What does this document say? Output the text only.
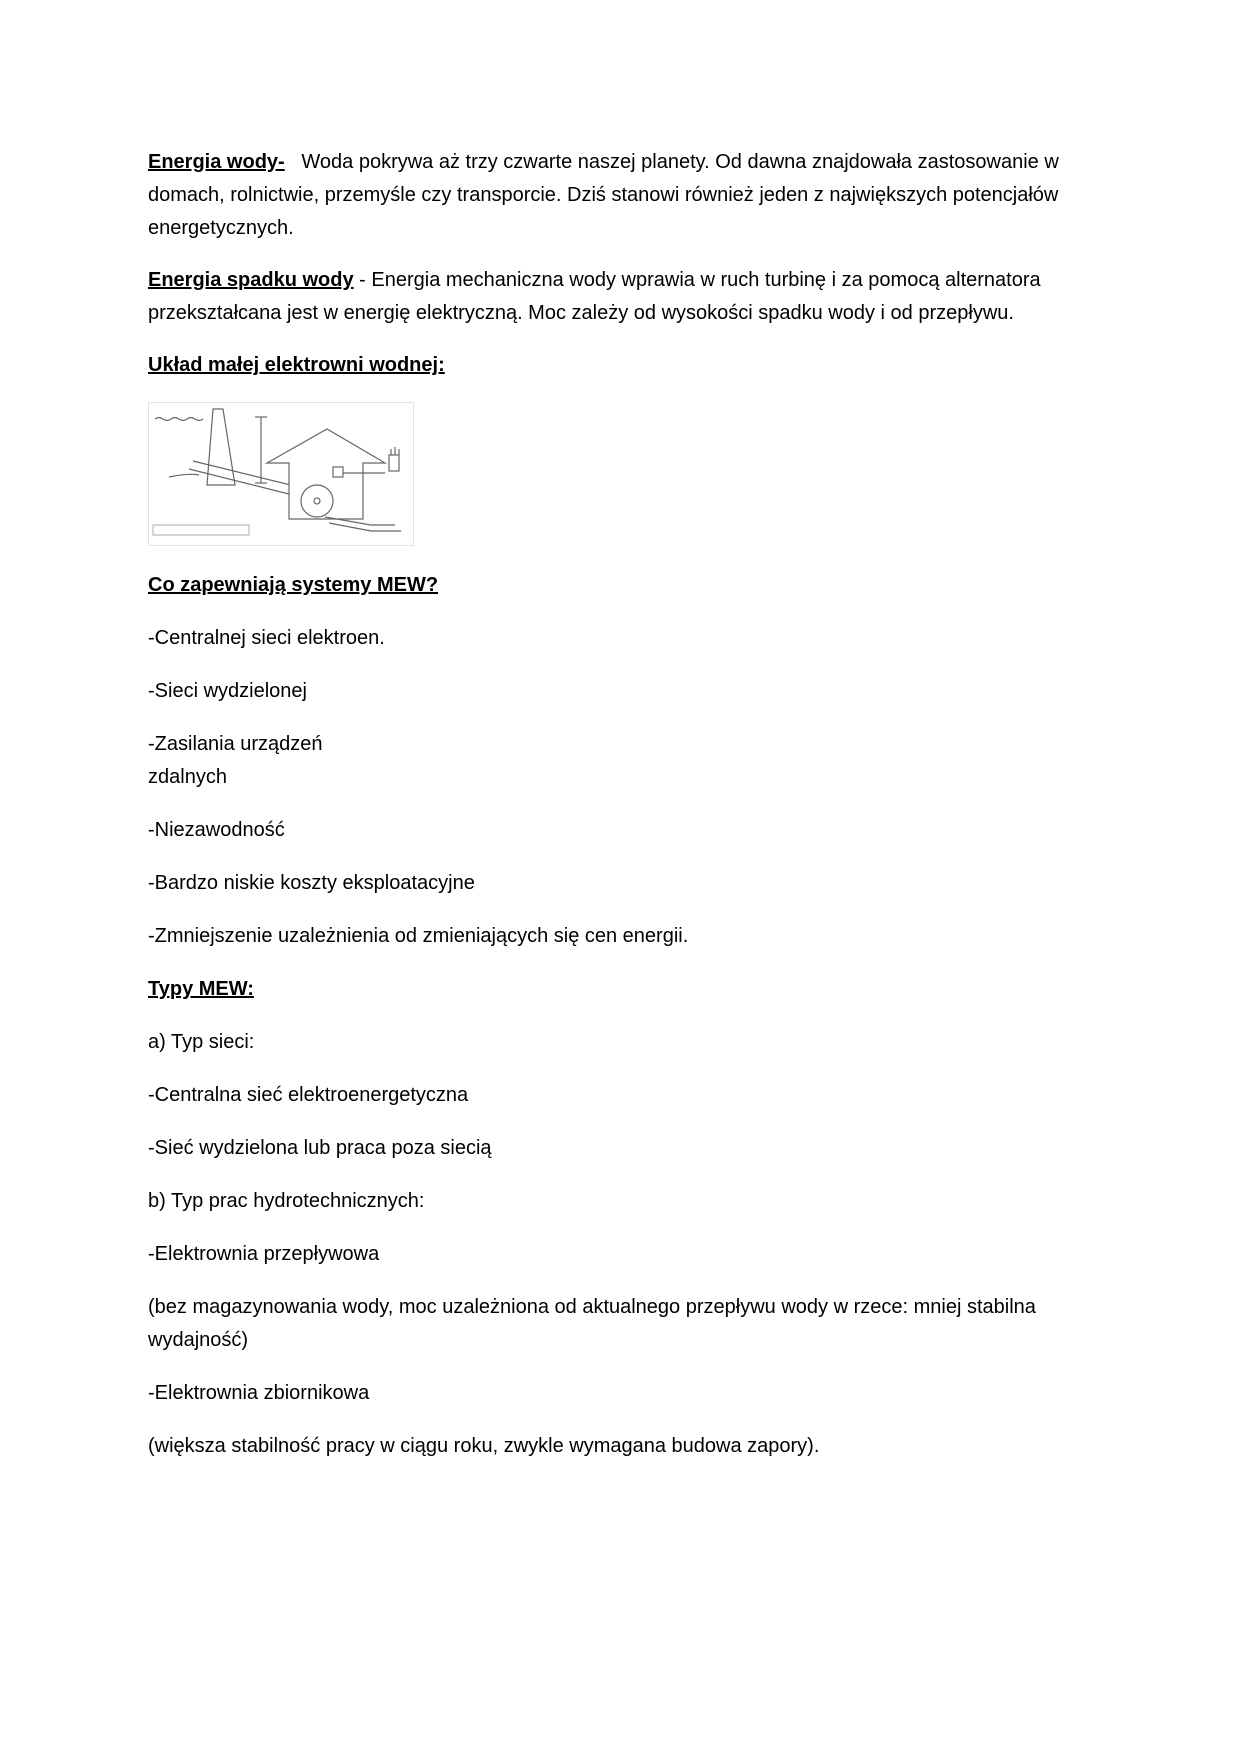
Energia wody- Woda pokrywa aż trzy czwarte naszej planety. Od dawna znajdowała zastosowanie w domach, rolnictwie, przemyśle czy transporcie. Dziś stanowi również jeden z największych potencjałów energetycznych.

Energia spadku wody - Energia mechaniczna wody wprawia w ruch turbinę i za pomocą alternatora przekształcana jest w energię elektryczną. Moc zależy od wysokości spadku wody i od przepływu.

Układ małej elektrowni wodnej:

Co zapewniają systemy MEW?

-Centralnej sieci elektroen.

-Sieci wydzielonej

-Zasilania urządzeń

zdalnych

-Niezawodność

-Bardzo niskie koszty eksploatacyjne

-Zmniejszenie uzależnienia od zmieniających się cen energii.

Typy MEW:

a) Typ sieci:

-Centralna sieć elektroenergetyczna

-Sieć wydzielona lub praca poza siecią

b) Typ prac hydrotechnicznych:

-Elektrownia przepływowa

(bez magazynowania wody, moc uzależniona od aktualnego przepływu wody w rzece: mniej stabilna wydajność)

-Elektrownia zbiornikowa

(większa stabilność pracy w ciągu roku, zwykle wymagana budowa zapory).
